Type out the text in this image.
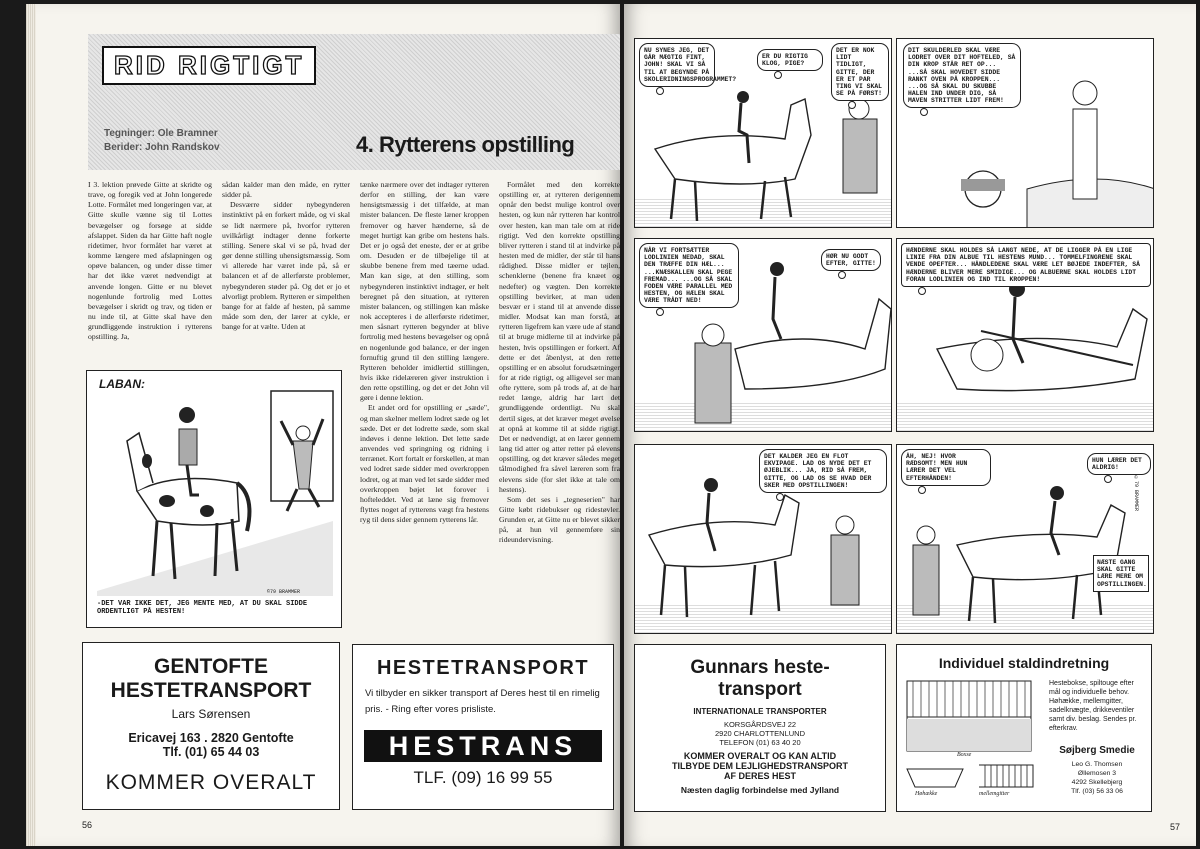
RID RIGTIGT
Tegninger: Ole Bramner
Berider: John Randskov	4. Rytterens opstilling

I 3. lektion prøvede Gitte at skridte og trave, og foregik ved at John longerede Lotte. Formålet med longeringen var, at Gitte skulle vænne sig til Lottes bevægelser og forsøge at sidde afslappet. Siden da har Gitte haft nogle ridetimer, hvor formålet har været at komme længere med afslapningen og opøve balancen, og under disse timer har det ikke været nødvendigt at anvende longen. Gitte er nu blevet nogenlunde fortrolig med Lottes bevægelser i skridt og trav, og tiden er nu inde til, at Gitte skal have den grundliggende instruktion i rytterens opstilling. Ja,

sådan kalder man den måde, en rytter sidder på.

Desværre sidder nybegynderen instinktivt på en forkert måde, og vi skal se lidt nærmere på, hvorfor rytteren uvilkårligt indtager denne forkerte stilling. Senere skal vi se på, hvad der gør denne stilling uhensigtsmæssig. Som vi allerede har været inde på, så er balancen et af de allerførste problemer, nybegynderen støder på. Og det er jo et alvorligt problem. Rytteren er simpelthen bange for at falde af hesten, på samme måde som den, der lærer at cykle, er bange for at vælte. Uden at

tænke nærmere over det indtager rytteren derfor en stilling, der kan være hensigtsmæssig i det tilfælde, at man mister balancen. De fleste læner kroppen fremover og hæver hænderne, så de meget hurtigt kan gribe om hestens hals. Det er jo også det eneste, der er at gribe om. Desuden er de tilbøjelige til at skubbe benene frem med tæerne udad. Man kan sige, at den stilling, som nybegynderen instinktivt indtager, er helt beregnet på den situation, at rytteren mister balancen, og stillingen kan måske nok accepteres i de allerførste ridetimer, men såsnart rytteren begynder at blive fortrolig med hestens bevægelser og opnå en nogenlunde god balance, er der ingen fornuftig grund til den stilling længere. Rytteren beholder imidlertid stillingen, hvis ikke ridelæreren giver instruktion i den rette opstilling, og det er det John vil gøre i denne lektion.

Et andet ord for opstilling er „sæde", og man skelner mellem lodret sæde og let sæde. Det er det lodrette sæde, som skal indøves i denne lektion. Det lette sæde anvendes ved springning og ridning i terrænet. Kort fortalt er forskellen, at man ved lodret sæde sidder med overkroppen lodret, og at man ved let sæde sidder med overkroppen bøjet let forover i hofteleddet. Ved at læne sig fremover flyttes noget af rytterens vægt fra hestens ryg til dens sider gennem rytterens lår.

Formålet med den korrekte opstilling er, at rytteren derigennem opnår den bedst mulige kontrol over hesten, og kun når rytteren har kontrol over hesten, kan man tale om at ride rigtigt. Ved den korrekte opstilling bliver rytteren i stand til at indvirke på hesten med de midler, der står til hans rådighed. Disse midler er tøjlen, schenklerne (benene fra knæet og nedefter) og vægten. Den korrekte opstilling bevirker, at man uden besvær er i stand til at anvende disse midler. Modsat kan man forstå, at rytteren ligefrem kan være ude af stand til at bruge midlerne til at indvirke på hesten, hvis opstillingen er forkert. Af dette er det åbenlyst, at den rette opstilling er en absolut forudsætninger for at ride rigtigt, og alligevel ser man ofte ryttere, som på trods af, at de har redet længe, aldrig har lært det grundliggende ordentligt. Nu skal dertil siges, at det kræver meget øvelse at opnå at komme til at sidde rigtigt. Det er nødvendigt, at en lærer gennem lang tid atter og atter retter på elevens opstilling, og det kræver således meget tålmodighed fra såvel læreren som fra elevens side (for slet ikke at tale om hestens).

Som det ses i „tegneserien" har Gitte købt ridebukser og ridestøvler. Grunden er, at Gitte nu er blevet sikker på, at hun vil gennemføre sin rideundervisning.

LABAN:
©79 BRAMMER
-DET VAR IKKE DET, JEG MENTE MED, AT DU SKAL SIDDE ORDENTLIGT PÅ HESTEN!
GENTOFTE
HESTETRANSPORT
Lars Sørensen
Ericavej 163 . 2820 Gentofte
Tlf. (01) 65 44 03
KOMMER OVERALT
HESTETRANSPORT
Vi tilbyder en sikker transport af Deres hest til en rimelig pris. - Ring efter vores prisliste.
HESTRANS
TLF. (09) 16 99 55
56
NU SYNES JEG, DET GÅR MÆGTIG FINT, JOHN! SKAL VI SÅ TIL AT BEGYNDE PÅ SKOLERIDNINGSPROGRAMMET?
ER DU RIGTIG KLOG, PIGE?
DET ER NOK LIDT TIDLIGT, GITTE, DER ER ET PAR TING VI SKAL SE PÅ FØRST!
DIT SKULDERLED SKAL VÆRE LODRET OVER DIT HOFTELED, SÅ DIN KROP STÅR RET OP... ...SÅ SKAL HOVEDET SIDDE RANKT OVEN PÅ KROPPEN... ...OG SÅ SKAL DU SKUBBE HALEN IND UNDER DIG, SÅ MAVEN STRITTER LIDT FREM!
NÅR VI FORTSÆTTER LODLINIEN NEDAD, SKAL DEN TRÆFFE DIN HÆL... ...KNÆSKALLEN SKAL PEGE FREMAD... ...OG SÅ SKAL FODEN VÆRE PARALLEL MED HESTEN, OG HÆLEN SKAL VÆRE TRÅDT NED!
HØR NU GODT EFTER, GITTE!
HÆNDERNE SKAL HOLDES SÅ LANGT NEDE, AT DE LIGGER PÅ EN LIGE LINIE FRA DIN ALBUE TIL HESTENS MUND... TOMMELFINGRENE SKAL VENDE OPEFTER... HÅNDLEDENE SKAL VÆRE LET BØJEDE INDEFTER, SÅ HÆNDERNE BLIVER MERE SMIDIGE... OG ALBUERNE SKAL HOLDES LIDT FORAN LODLINIEN OG IND TIL KROPPEN!
DET KALDER JEG EN FLOT EKVIPAGE. LAD OS NYDE DET ET ØJEBLIK... JA, RID SÅ FREM, GITTE, OG LAD OS SE HVAD DER SKER MED OPSTILLINGEN!
ÅH, NEJ! HVOR RÆDSOMT! MEN HUN LÆRER DET VEL EFTERHÅNDEN!
HUN LÆRER DET ALDRIG!
NÆSTE GANG SKAL GITTE LÆRE MERE OM OPSTILLINGEN.
©79 BRAMMER
Gunnars heste-
transport
INTERNATIONALE TRANSPORTER
KORSGÅRDSVEJ 22
2920 CHARLOTTENLUND
TELEFON (01) 63 40 20
KOMMER OVERALT OG KAN ALTID
TILBYDE DEM LEJLIGHEDSTRANSPORT
AF DERES HEST
Næsten daglig forbindelse med Jylland
Individuel staldindretning
Boxse
Høhække	mellemgitter
Hestebokse, spiltouge efter mål og individuelle behov. Høhække, mellemgitter, sadelknægte, drikkeventiler samt div. beslag. Sendes pr. efterkrav.
Søjberg Smedie
Leo G. Thomsen
Øllemosen 3
4292 Skellebjerg
Tlf. (03) 56 33 06
57
